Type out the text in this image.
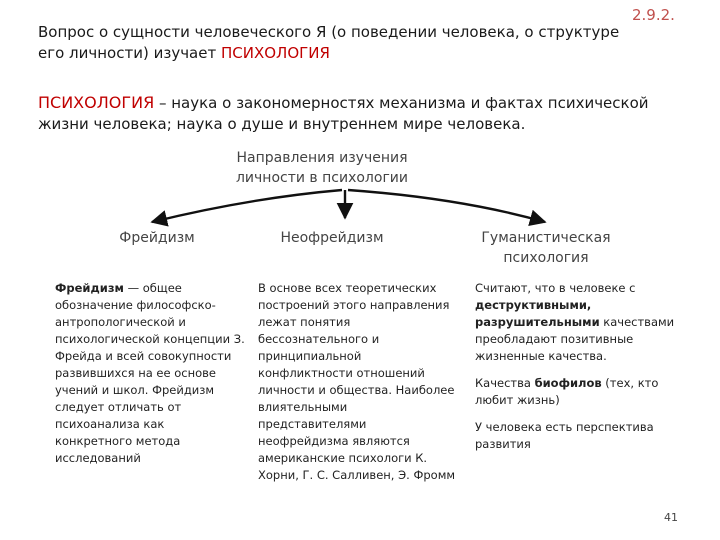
2.9.2.
Вопрос о сущности человеческого Я (о поведении человека, о структуре его личности) изучает ПСИХОЛОГИЯ
ПСИХОЛОГИЯ – наука о закономерностях механизма и фактах психической жизни человека; наука о душе и внутреннем мире человека.
Направления изучения личности в психологии
Фрейдизм	Неофрейдизм	Гуманистическая психология
Фрейдизм — общее обозначение философско-антропологической и психологической концепции З. Фрейда и всей совокупности развившихся на ее основе учений и школ. Фрейдизм следует отличать от психоанализа как конкретного метода исследований
В основе всех теоретических построений этого направления лежат понятия бессознательного и принципиальной конфликтности отношений личности и общества. Наиболее влиятельными представителями неофрейдизма являются американские психологи К. Хорни, Г. С. Салливен, Э. Фромм

Считают, что в человеке с деструктивными, разрушительными качествами преобладают позитивные жизненные качества.

Качества биофилов (тех, кто любит жизнь)

У человека есть перспектива развития

41
